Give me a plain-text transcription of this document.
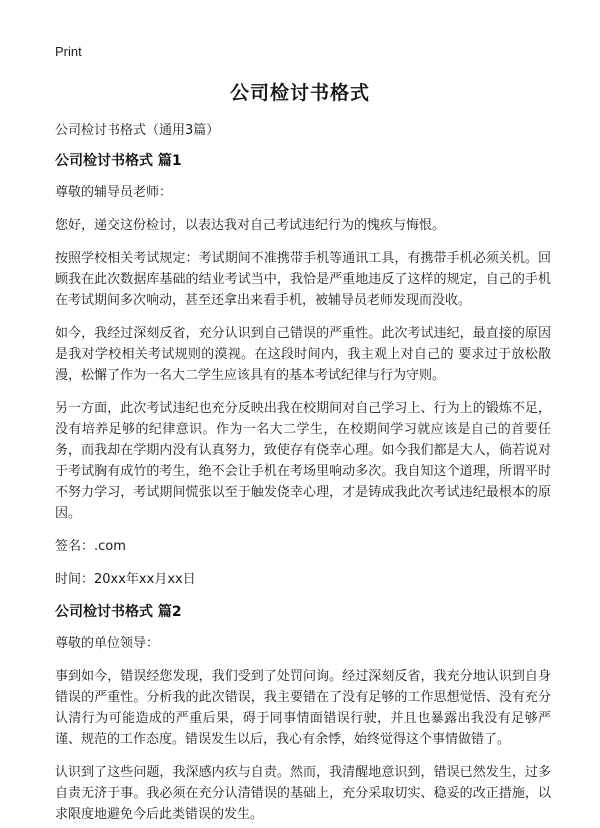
Print
公司检讨书格式

公司检讨书格式（通用3篇）

公司检讨书格式 篇1

尊敬的辅导员老师：

您好，递交这份检讨，以表达我对自己考试违纪行为的愧疚与悔恨。

按照学校相关考试规定：考试期间不准携带手机等通讯工具，有携带手机必须关机。回顾我在此次数据库基础的结业考试当中，我恰是严重地违反了这样的规定，自己的手机在考试期间多次响动，甚至还拿出来看手机，被辅导员老师发现而没收。

如今，我经过深刻反省，充分认识到自己错误的严重性。此次考试违纪，最直接的原因是我对学校相关考试规则的漠视。在这段时间内，我主观上对自己的 要求过于放松散漫，松懈了作为一名大二学生应该具有的基本考试纪律与行为守则。

另一方面，此次考试违纪也充分反映出我在校期间对自己学习上、行为上的锻炼不足，没有培养足够的纪律意识。作为一名大二学生，在校期间学习就应该是自己的首要任务，而我却在学期内没有认真努力，致使存有侥幸心理。如今我们都是大人，倘若说对于考试胸有成竹的考生，绝不会让手机在考场里响动多次。我自知这个道理，所谓平时不努力学习，考试期间慌张以至于触发侥幸心理，才是铸成我此次考试违纪最根本的原因。

签名：.com

时间：20xx年xx月xx日

公司检讨书格式 篇2

尊敬的单位领导：

事到如今，错误经您发现，我们受到了处罚问询。经过深刻反省，我充分地认识到自身错误的严重性。分析我的此次错误，我主要错在了没有足够的工作思想觉悟、没有充分认清行为可能造成的严重后果，碍于同事情面错误行驶，并且也暴露出我没有足够严谨、规范的工作态度。错误发生以后，我心有余悸，始终觉得这个事情做错了。

认识到了这些问题，我深感内疚与自责。然而，我清醒地意识到，错误已然发生，过多自责无济于事。我必须在充分认清错误的基础上，充分采取切实、稳妥的改正措施，以求限度地避免今后此类错误的发生。
